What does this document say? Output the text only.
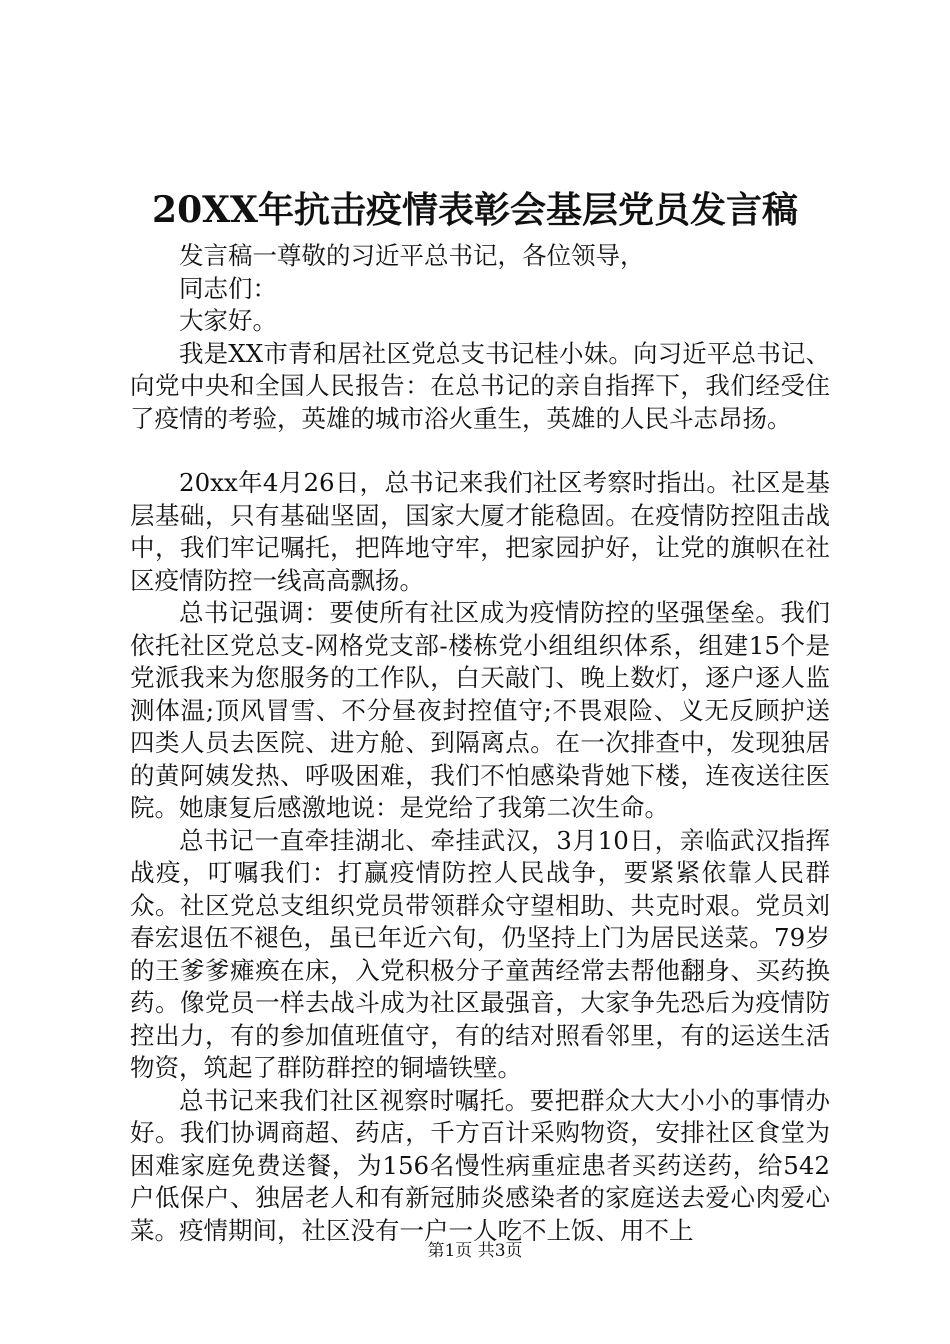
20XX年抗击疫情表彰会基层党员发言稿

发言稿一尊敬的习近平总书记，各位领导，

同志们：

大家好。

我是XX市青和居社区党总支书记桂小妹。向习近平总书记、向党中央和全国人民报告：在总书记的亲自指挥下，我们经受住了疫情的考验，英雄的城市浴火重生，英雄的人民斗志昂扬。

20xx年4月26日，总书记来我们社区考察时指出。社区是基层基础，只有基础坚固，国家大厦才能稳固。在疫情防控阻击战中，我们牢记嘱托，把阵地守牢，把家园护好，让党的旗帜在社区疫情防控一线高高飘扬。

总书记强调：要使所有社区成为疫情防控的坚强堡垒。我们依托社区党总支-网格党支部-楼栋党小组组织体系，组建15个是党派我来为您服务的工作队，白天敲门、晚上数灯，逐户逐人监测体温;顶风冒雪、不分昼夜封控值守;不畏艰险、义无反顾护送四类人员去医院、进方舱、到隔离点。在一次排查中，发现独居的黄阿姨发热、呼吸困难，我们不怕感染背她下楼，连夜送往医院。她康复后感激地说：是党给了我第二次生命。

总书记一直牵挂湖北、牵挂武汉，3月10日，亲临武汉指挥战疫，叮嘱我们：打赢疫情防控人民战争，要紧紧依靠人民群众。社区党总支组织党员带领群众守望相助、共克时艰。党员刘春宏退伍不褪色，虽已年近六旬，仍坚持上门为居民送菜。79岁的王爹爹瘫痪在床，入党积极分子童茜经常去帮他翻身、买药换药。像党员一样去战斗成为社区最强音，大家争先恐后为疫情防控出力，有的参加值班值守，有的结对照看邻里，有的运送生活物资，筑起了群防群控的铜墙铁壁。

总书记来我们社区视察时嘱托。要把群众大大小小的事情办好。我们协调商超、药店，千方百计采购物资，安排社区食堂为困难家庭免费送餐，为156名慢性病重症患者买药送药，给542户低保户、独居老人和有新冠肺炎感染者的家庭送去爱心肉爱心菜。疫情期间，社区没有一户一人吃不上饭、用不上

第1页 共3页
